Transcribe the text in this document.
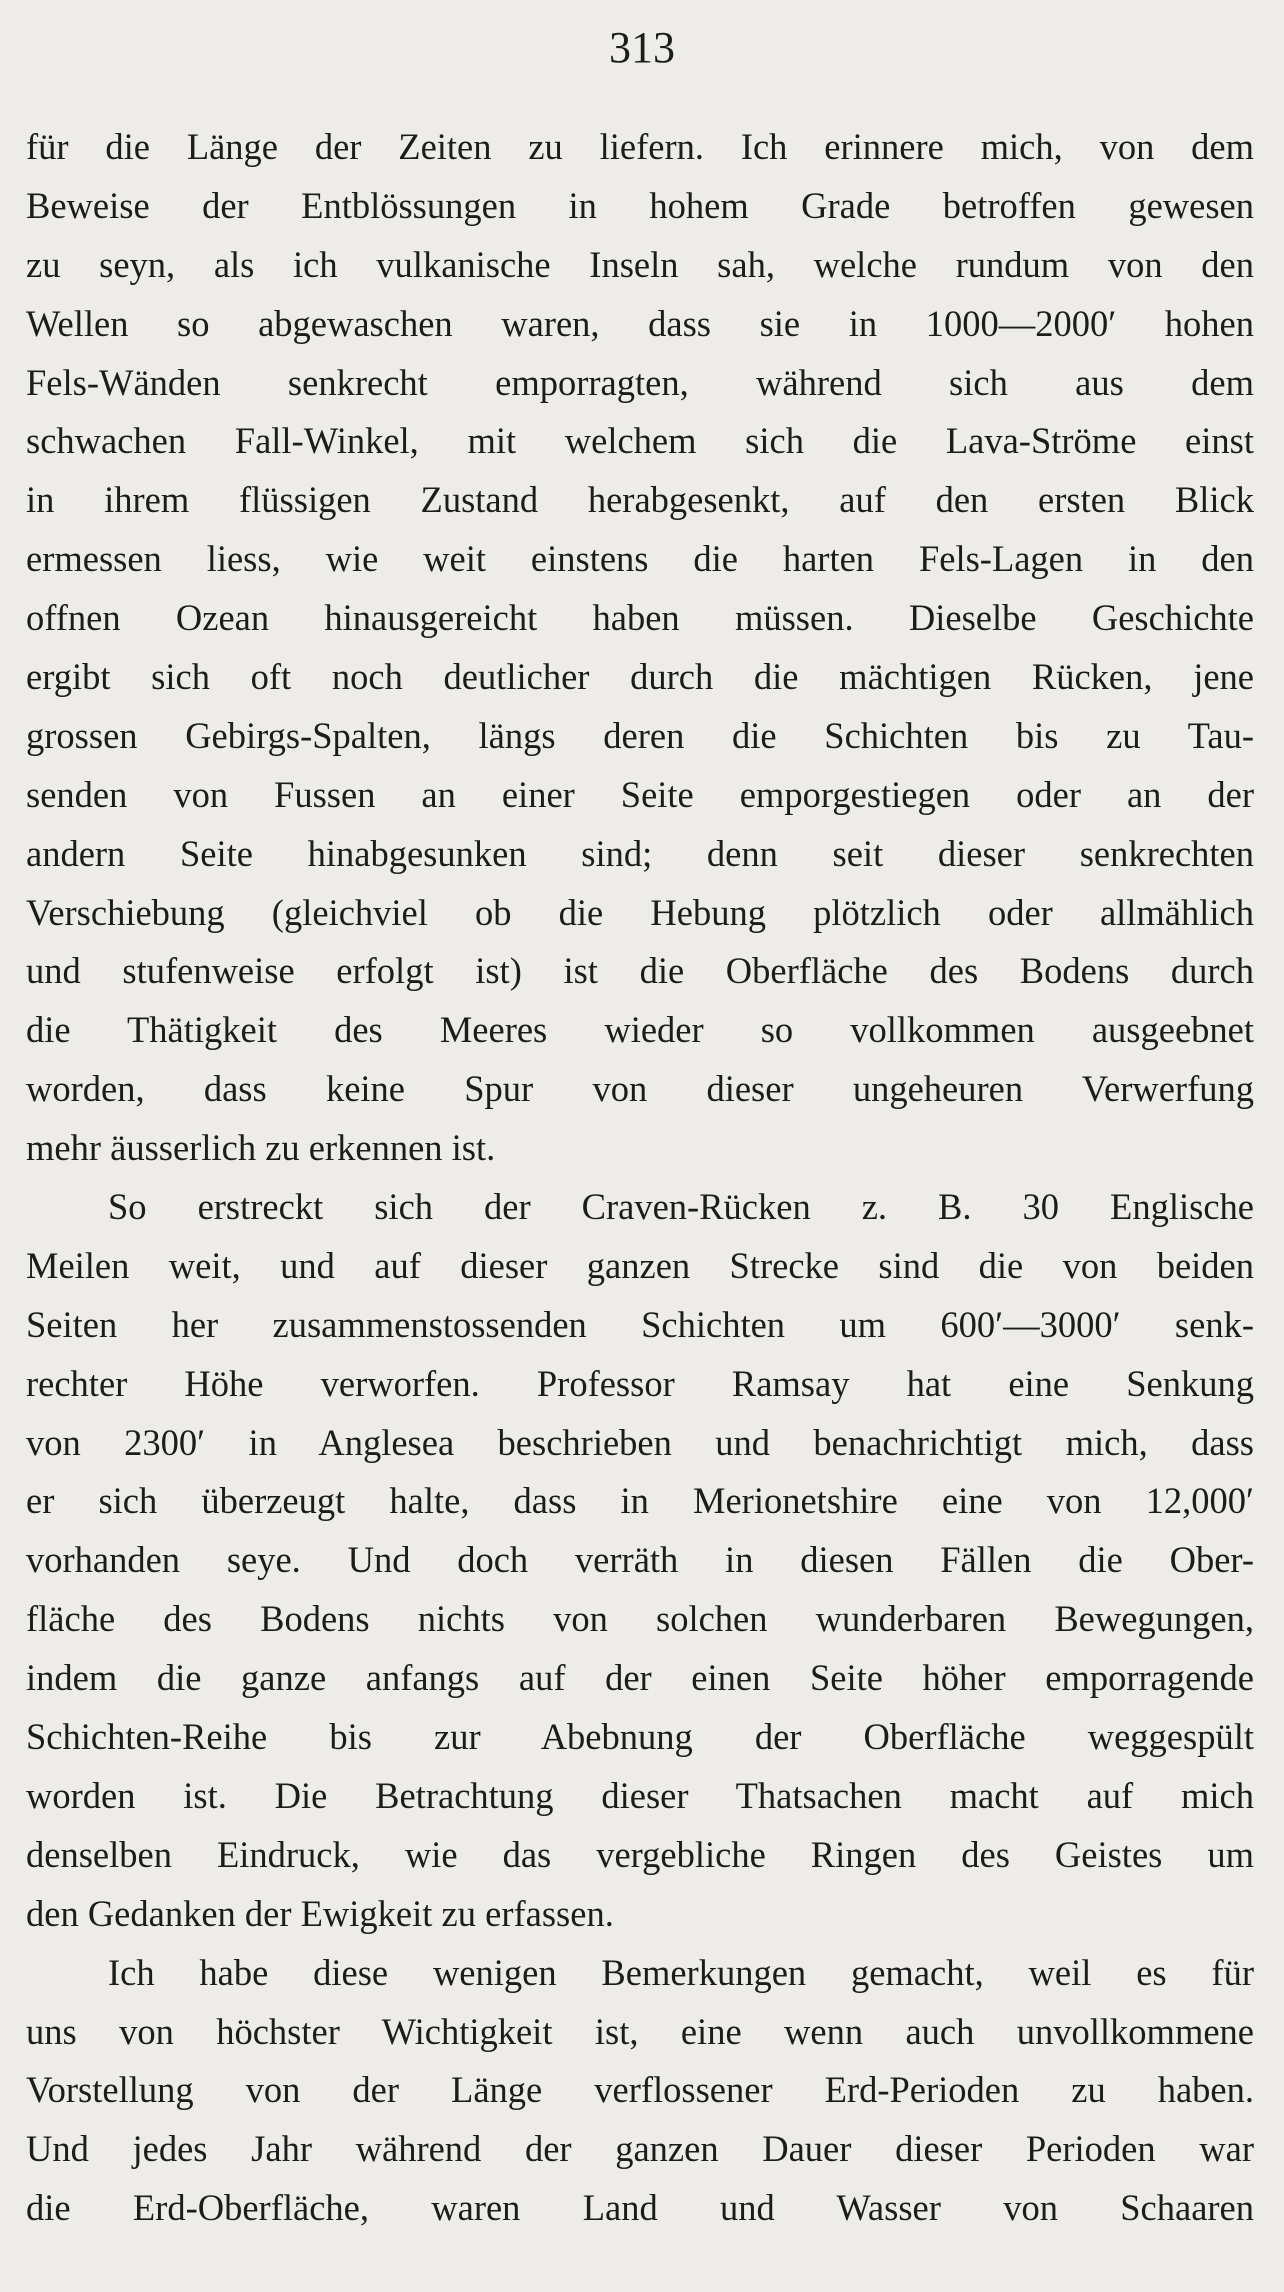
313
für die Länge der Zeiten zu liefern. Ich erinnere mich, von dem
Beweise der Entblössungen in hohem Grade betroffen gewesen
zu seyn, als ich vulkanische Inseln sah, welche rundum von den
Wellen so abgewaschen waren, dass sie in 1000—2000′ hohen
Fels-Wänden senkrecht emporragten, während sich aus dem
schwachen Fall-Winkel, mit welchem sich die Lava-Ströme einst
in ihrem flüssigen Zustand herabgesenkt, auf den ersten Blick
ermessen liess, wie weit einstens die harten Fels-Lagen in den
offnen Ozean hinausgereicht haben müssen. Dieselbe Geschichte
ergibt sich oft noch deutlicher durch die mächtigen Rücken, jene
grossen Gebirgs-Spalten, längs deren die Schichten bis zu Tau-
senden von Fussen an einer Seite emporgestiegen oder an der
andern Seite hinabgesunken sind; denn seit dieser senkrechten
Verschiebung (gleichviel ob die Hebung plötzlich oder allmählich
und stufenweise erfolgt ist) ist die Oberfläche des Bodens durch
die Thätigkeit des Meeres wieder so vollkommen ausgeebnet
worden, dass keine Spur von dieser ungeheuren Verwerfung
mehr äusserlich zu erkennen ist.
So erstreckt sich der Craven-Rücken z. B. 30 Englische
Meilen weit, und auf dieser ganzen Strecke sind die von beiden
Seiten her zusammenstossenden Schichten um 600′—3000′ senk-
rechter Höhe verworfen. Professor Ramsay hat eine Senkung
von 2300′ in Anglesea beschrieben und benachrichtigt mich, dass
er sich überzeugt halte, dass in Merionetshire eine von 12,000′
vorhanden seye. Und doch verräth in diesen Fällen die Ober-
fläche des Bodens nichts von solchen wunderbaren Bewegungen,
indem die ganze anfangs auf der einen Seite höher emporragende
Schichten-Reihe bis zur Abebnung der Oberfläche weggespült
worden ist. Die Betrachtung dieser Thatsachen macht auf mich
denselben Eindruck, wie das vergebliche Ringen des Geistes um
den Gedanken der Ewigkeit zu erfassen.
Ich habe diese wenigen Bemerkungen gemacht, weil es für
uns von höchster Wichtigkeit ist, eine wenn auch unvollkommene
Vorstellung von der Länge verflossener Erd-Perioden zu haben.
Und jedes Jahr während der ganzen Dauer dieser Perioden war
die Erd-Oberfläche, waren Land und Wasser von Schaaren
